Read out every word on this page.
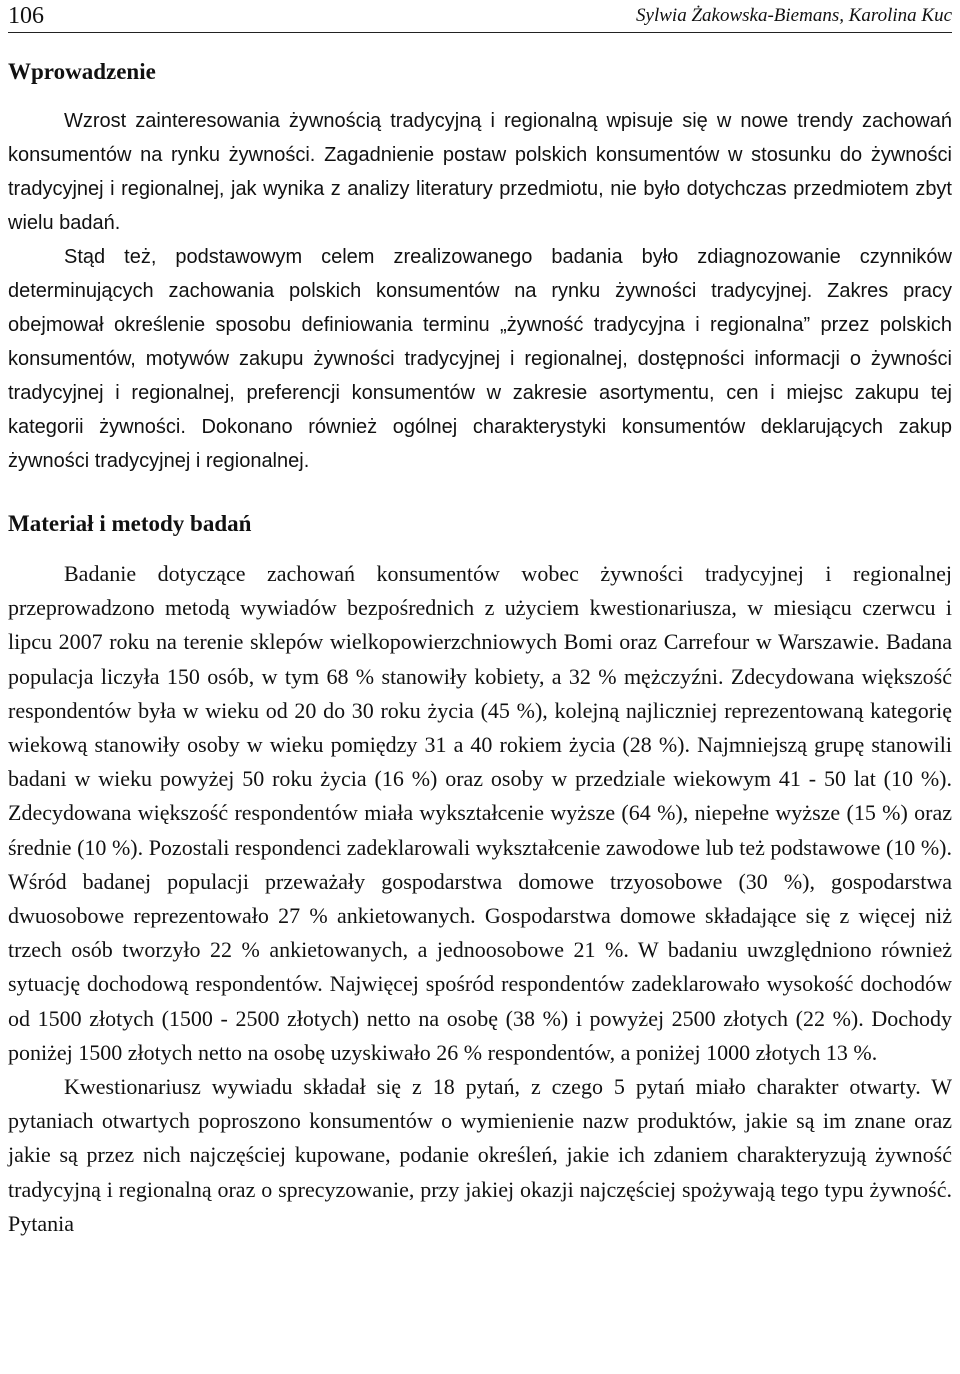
106	Sylwia Żakowska-Biemans, Karolina Kuc
Wprowadzenie

Wzrost zainteresowania żywnością tradycyjną i regionalną wpisuje się w nowe trendy zachowań konsumentów na rynku żywności. Zagadnienie postaw polskich konsumentów w stosunku do żywności tradycyjnej i regionalnej, jak wynika z analizy literatury przedmiotu, nie było dotychczas przedmiotem zbyt wielu badań.

Stąd też, podstawowym celem zrealizowanego badania było zdiagnozowanie czynników determinujących zachowania polskich konsumentów na rynku żywności tradycyjnej. Zakres pracy obejmował określenie sposobu definiowania terminu „żywność tradycyjna i regionalna” przez polskich konsumentów, motywów zakupu żywności tradycyjnej i regionalnej, dostępności informacji o żywności tradycyjnej i regionalnej, preferencji konsumentów w zakresie asortymentu, cen i miejsc zakupu tej kategorii żywności. Dokonano również ogólnej charakterystyki konsumentów deklarujących zakup żywności tradycyjnej i regionalnej.

Materiał i metody badań

Badanie dotyczące zachowań konsumentów wobec żywności tradycyjnej i regionalnej przeprowadzono metodą wywiadów bezpośrednich z użyciem kwestionariusza, w miesiącu czerwcu i lipcu 2007 roku na terenie sklepów wielkopowierzchniowych Bomi oraz Carrefour w Warszawie. Badana populacja liczyła 150 osób, w tym 68 % stanowiły kobiety, a 32 % mężczyźni. Zdecydowana większość respondentów była w wieku od 20 do 30 roku życia (45 %), kolejną najliczniej reprezentowaną kategorię wiekową stanowiły osoby w wieku pomiędzy 31 a 40 rokiem życia (28 %). Najmniejszą grupę stanowili badani w wieku powyżej 50 roku życia (16 %) oraz osoby w przedziale wiekowym 41 - 50 lat (10 %). Zdecydowana większość respondentów miała wykształcenie wyższe (64 %), niepełne wyższe (15 %) oraz średnie (10 %). Pozostali respondenci zadeklarowali wykształcenie zawodowe lub też podstawowe (10 %). Wśród badanej populacji przeważały gospodarstwa domowe trzyosobowe (30 %), gospodarstwa dwuosobowe reprezentowało 27 % ankietowanych. Gospodarstwa domowe składające się z więcej niż trzech osób tworzyło 22 % ankietowanych, a jednoosobowe 21 %. W badaniu uwzględniono również sytuację dochodową respondentów. Najwięcej spośród respondentów zadeklarowało wysokość dochodów od 1500 złotych (1500 - 2500 złotych) netto na osobę (38 %) i powyżej 2500 złotych (22 %). Dochody poniżej 1500 złotych netto na osobę uzyskiwało 26 % respondentów, a poniżej 1000 złotych 13 %.

Kwestionariusz wywiadu składał się z 18 pytań, z czego 5 pytań miało charakter otwarty. W pytaniach otwartych poproszono konsumentów o wymienienie nazw produktów, jakie są im znane oraz jakie są przez nich najczęściej kupowane, podanie określeń, jakie ich zdaniem charakteryzują żywność tradycyjną i regionalną oraz o sprecyzowanie, przy jakiej okazji najczęściej spożywają tego typu żywność. Pytania
